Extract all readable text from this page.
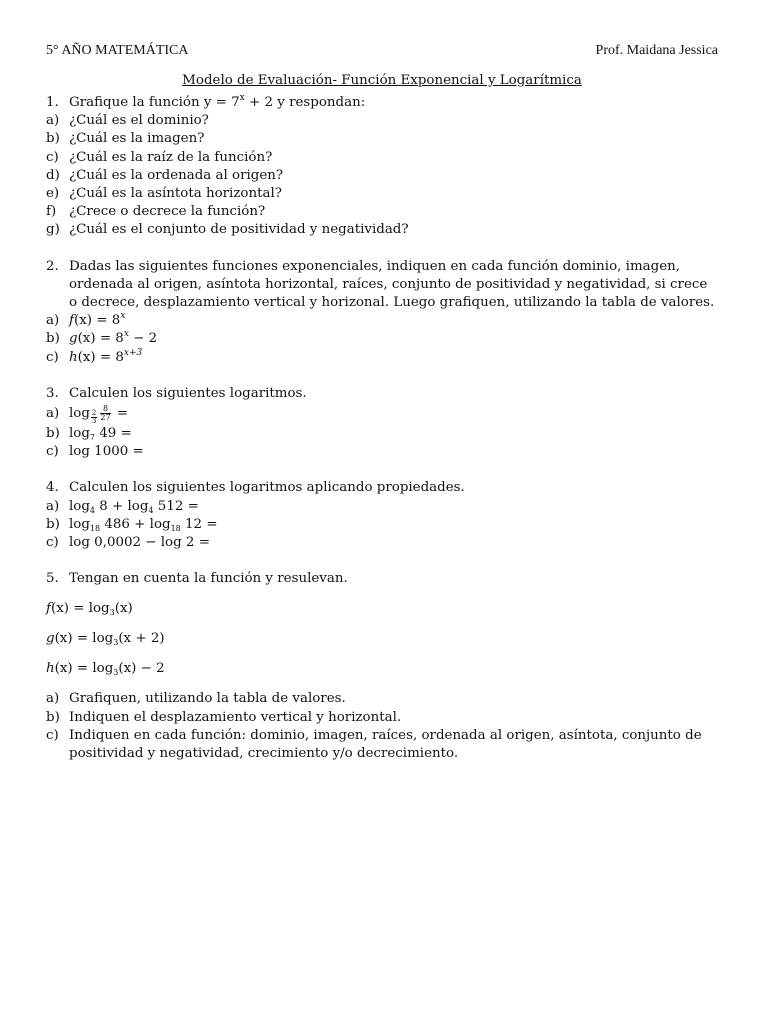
5° AÑO MATEMÁTICA	Prof. Maidana Jessica
Modelo de Evaluación- Función Exponencial y Logarítmica
1. Grafique la función $y = 7^x + 2$ y respondan:
a) ¿Cuál es el dominio?
b) ¿Cuál es la imagen?
c) ¿Cuál es la raíz de la función?
d) ¿Cuál es la ordenada al origen?
e) ¿Cuál es la asíntota horizontal?
f) ¿Crece o decrece la función?
g) ¿Cuál es el conjunto de positividad y negatividad?
2. Dadas las siguientes funciones exponenciales, indiquen en cada función dominio, imagen, ordenada al origen, asíntota horizontal, raíces, conjunto de positividad y negatividad, si crece o decrece, desplazamiento vertical y horizonal. Luego grafiquen, utilizando la tabla de valores.
a) $f(x) = 8^x$
b) $g(x) = 8^x - 2$
c) $h(x) = 8^{x+3}$
3. Calculen los siguientes logaritmos.
a) $\log \frac{2}{3} \frac{8}{27}$ =
b) $\log_7 49$ =
c) log 1000 =
4. Calculen los siguientes logaritmos aplicando propiedades.
a) $\log_4 8 + \log_4 512$ =
b) $\log_{18} 486 + \log_{18} 12$ =
c) log 0,0002 − log 2 =
5. Tengan en cuenta la función y resulevan.
$f(x) = \log_3(x)$
$g(x) = \log_3(x + 2)$
$h(x) = \log_3(x) - 2$
a) Grafiquen, utilizando la tabla de valores.
b) Indiquen el desplazamiento vertical y horizontal.
c) Indiquen en cada función: dominio, imagen, raíces, ordenada al origen, asíntota, conjunto de positividad y negatividad, crecimiento y/o decrecimiento.
